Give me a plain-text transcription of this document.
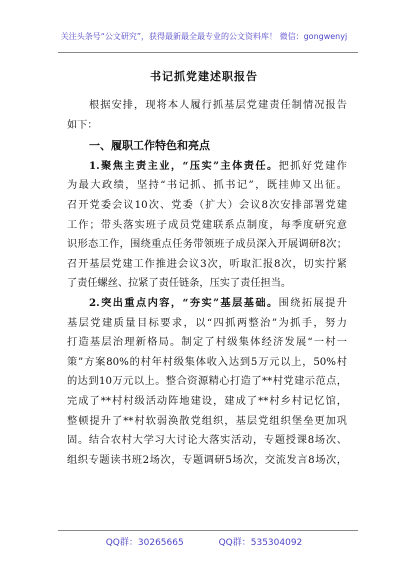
关注头条号“公文研究”，获得最新最全最专业的公文资料库！ 微信：gongwenyj
书记抓党建述职报告
根据安排，现将本人履行抓基层党建责任制情况报告
如下：
一、履职工作特色和亮点
1.聚焦主责主业，“压实”主体责任。把抓好党建作
为最大政绩，坚持“书记抓、抓书记”，既挂帅又出征。
召开党委会议10次、党委（扩大）会议8次安排部署党建
工作；带头落实班子成员党建联系点制度，每季度研究意
识形态工作，围绕重点任务带领班子成员深入开展调研8次；
召开基层党建工作推进会议3次，听取汇报8次，切实拧紧
了责任螺丝、拉紧了责任链条，压实了责任担当。
2.突出重点内容，“夯实”基层基础。围绕拓展提升
基层党建质量目标要求，以“四抓两整治”为抓手，努力
打造基层治理新格局。制定了村级集体经济发展“一村一
策”方案80%的村年村级集体收入达到5万元以上，50%村
的达到10万元以上。整合资源精心打造了**村党建示范点，
完成了**村村级活动阵地建设，建成了**村乡村记忆馆，
整顿提升了**村软弱涣散党组织，基层党组织堡垒更加巩
固。结合农村大学习大讨论大落实活动，专题授课8场次、
组织专题读书班2场次，专题调研5场次，交流发言8场次，
QQ群：30265665	QQ群：535304092
